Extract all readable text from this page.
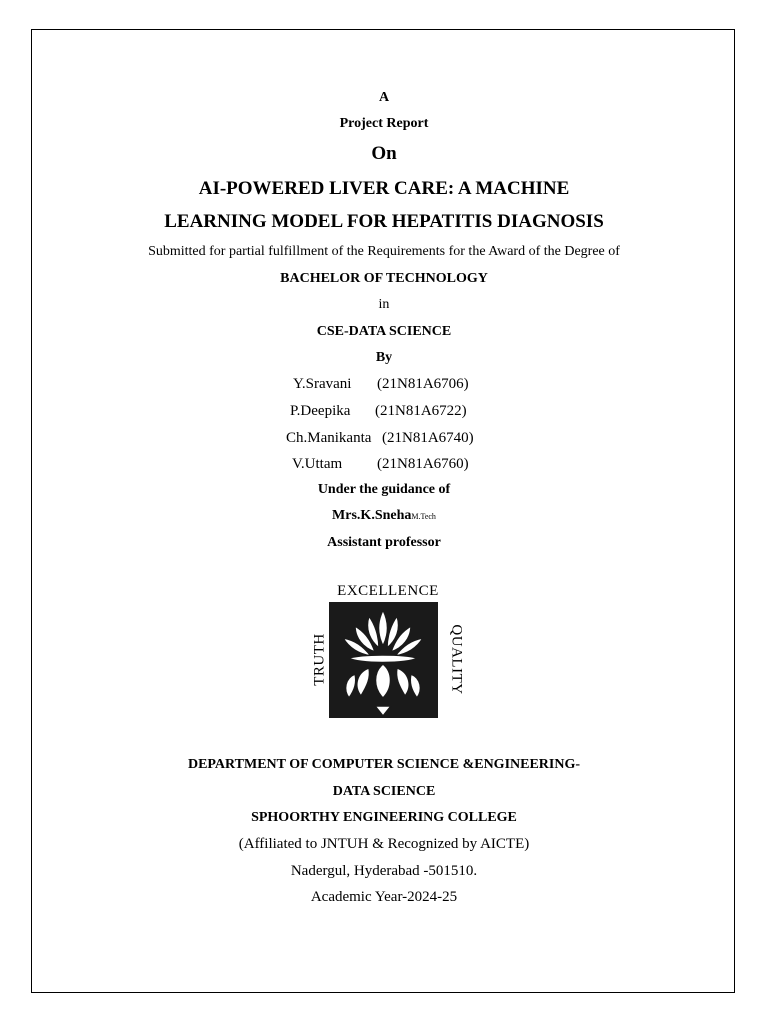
A
Project Report
On
AI-POWERED LIVER CARE: A MACHINE
LEARNING MODEL FOR HEPATITIS DIAGNOSIS
Submitted for partial fulfillment of the Requirements for the Award of the Degree of
BACHELOR OF TECHNOLOGY
in
CSE-DATA SCIENCE
By
Y.Sravani (21N81A6706)
P.Deepika (21N81A6722)
Ch.Manikanta (21N81A6740)
V.Uttam (21N81A6760)
Under the guidance of
Mrs.K.SnehaM.Tech
Assistant professor
EXCELLENCE
TRUTH	QUALITY
DEPARTMENT OF COMPUTER SCIENCE &ENGINEERING-
DATA SCIENCE
SPHOORTHY ENGINEERING COLLEGE
(Affiliated to JNTUH & Recognized by AICTE)
Nadergul, Hyderabad -501510.
Academic Year-2024-25
